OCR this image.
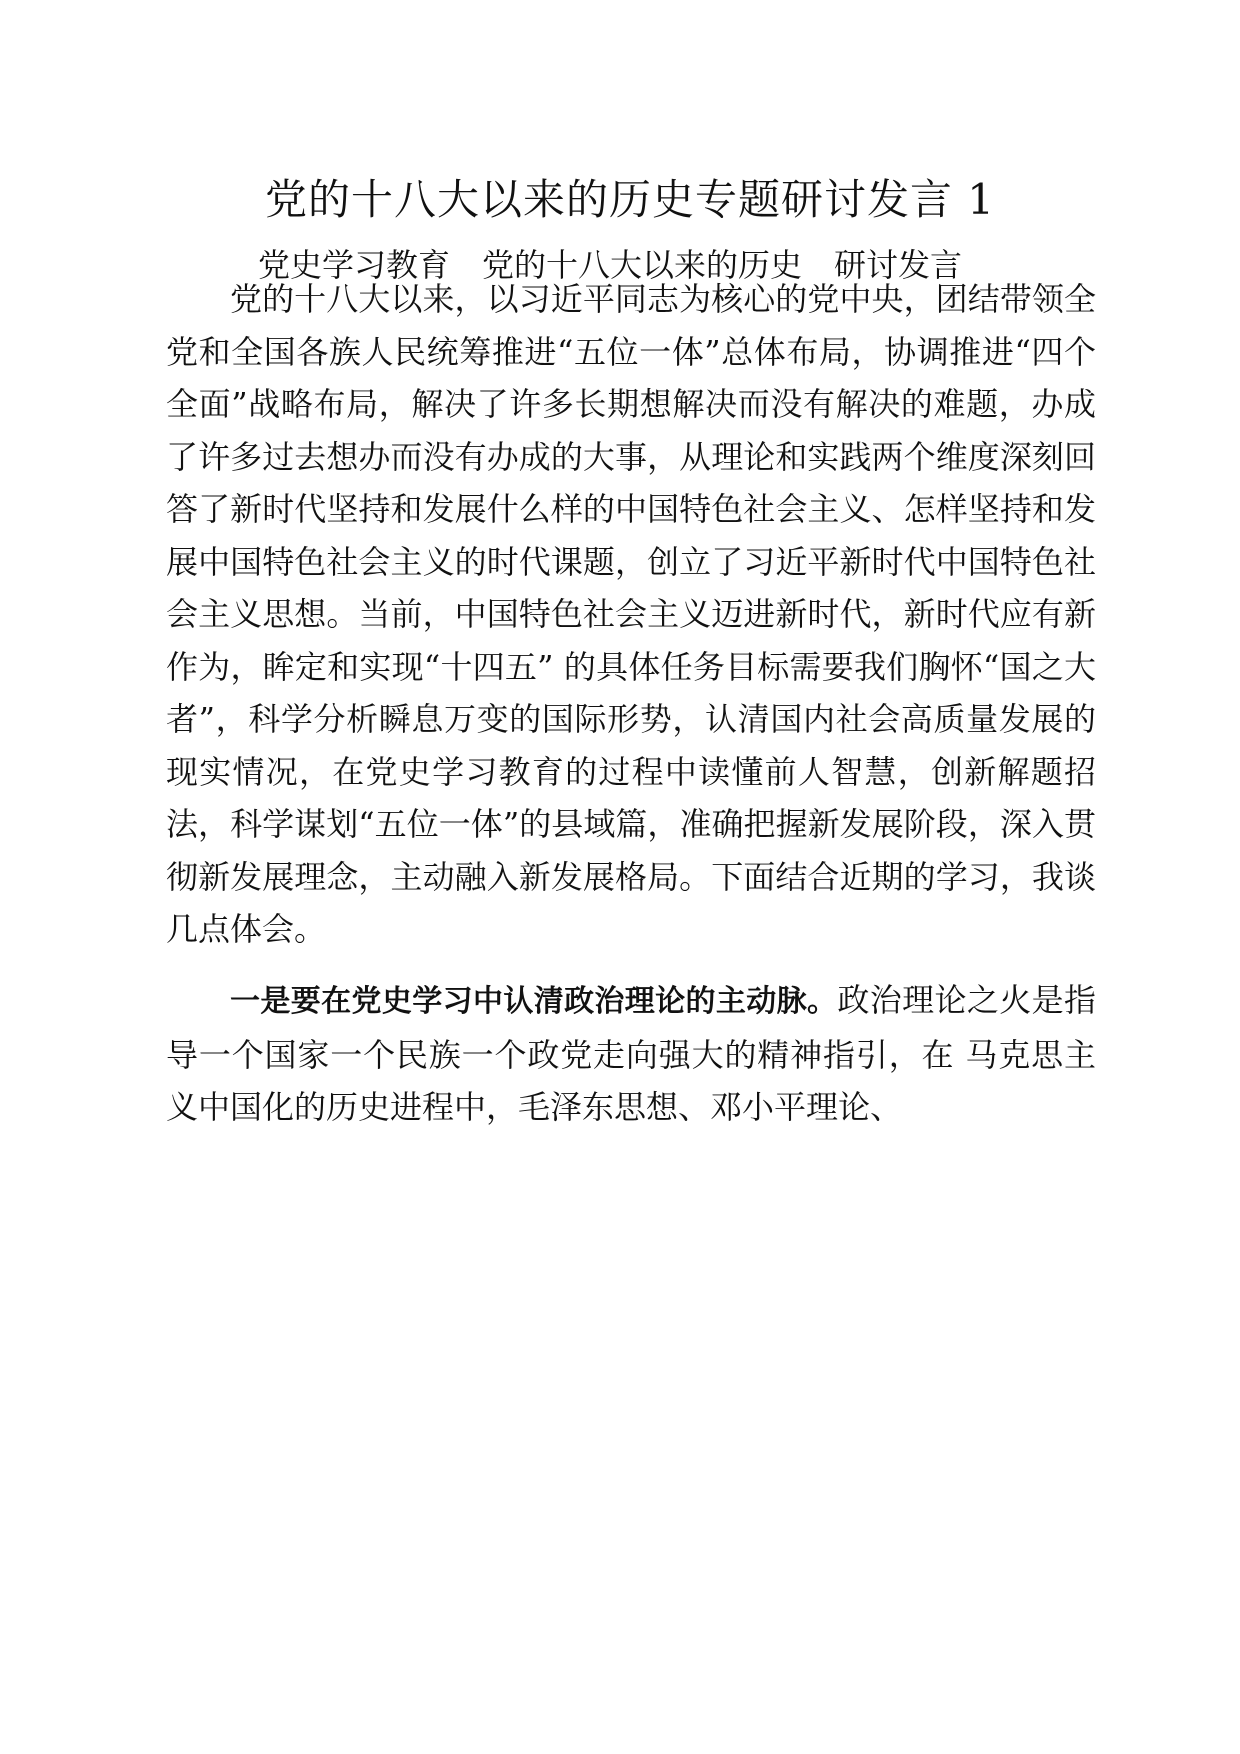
党的十八大以来的历史专题研讨发言 1
党史学习教育　党的十八大以来的历史　研讨发言

党的十八大以来，以习近平同志为核心的党中央，团结带领全党和全国各族人民统筹推进“五位一体”总体布局，协调推进“四个全面”战略布局，解决了许多长期想解决而没有解决的难题，办成了许多过去想办而没有办成的大事，从理论和实践两个维度深刻回答了新时代坚持和发展什么样的中国特色社会主义、怎样坚持和发展中国特色社会主义的时代课题，创立了习近平新时代中国特色社会主义思想。当前，中国特色社会主义迈进新时代，新时代应有新作为，眸定和实现“十四五” 的具体任务目标需要我们胸怀“国之大者”，科学分析瞬息万变的国际形势，认清国内社会高质量发展的现实情况，在党史学习教育的过程中读懂前人智慧，创新解题招法，科学谋划“五位一体”的县域篇，准确把握新发展阶段，深入贯彻新发展理念，主动融入新发展格局。下面结合近期的学习，我谈几点体会。

一是要在党史学习中认清政治理论的主动脉。政治理论之火是指导一个国家一个民族一个政党走向强大的精神指引，在 马克思主义中国化的历史进程中，毛泽东思想、邓小平理论、
